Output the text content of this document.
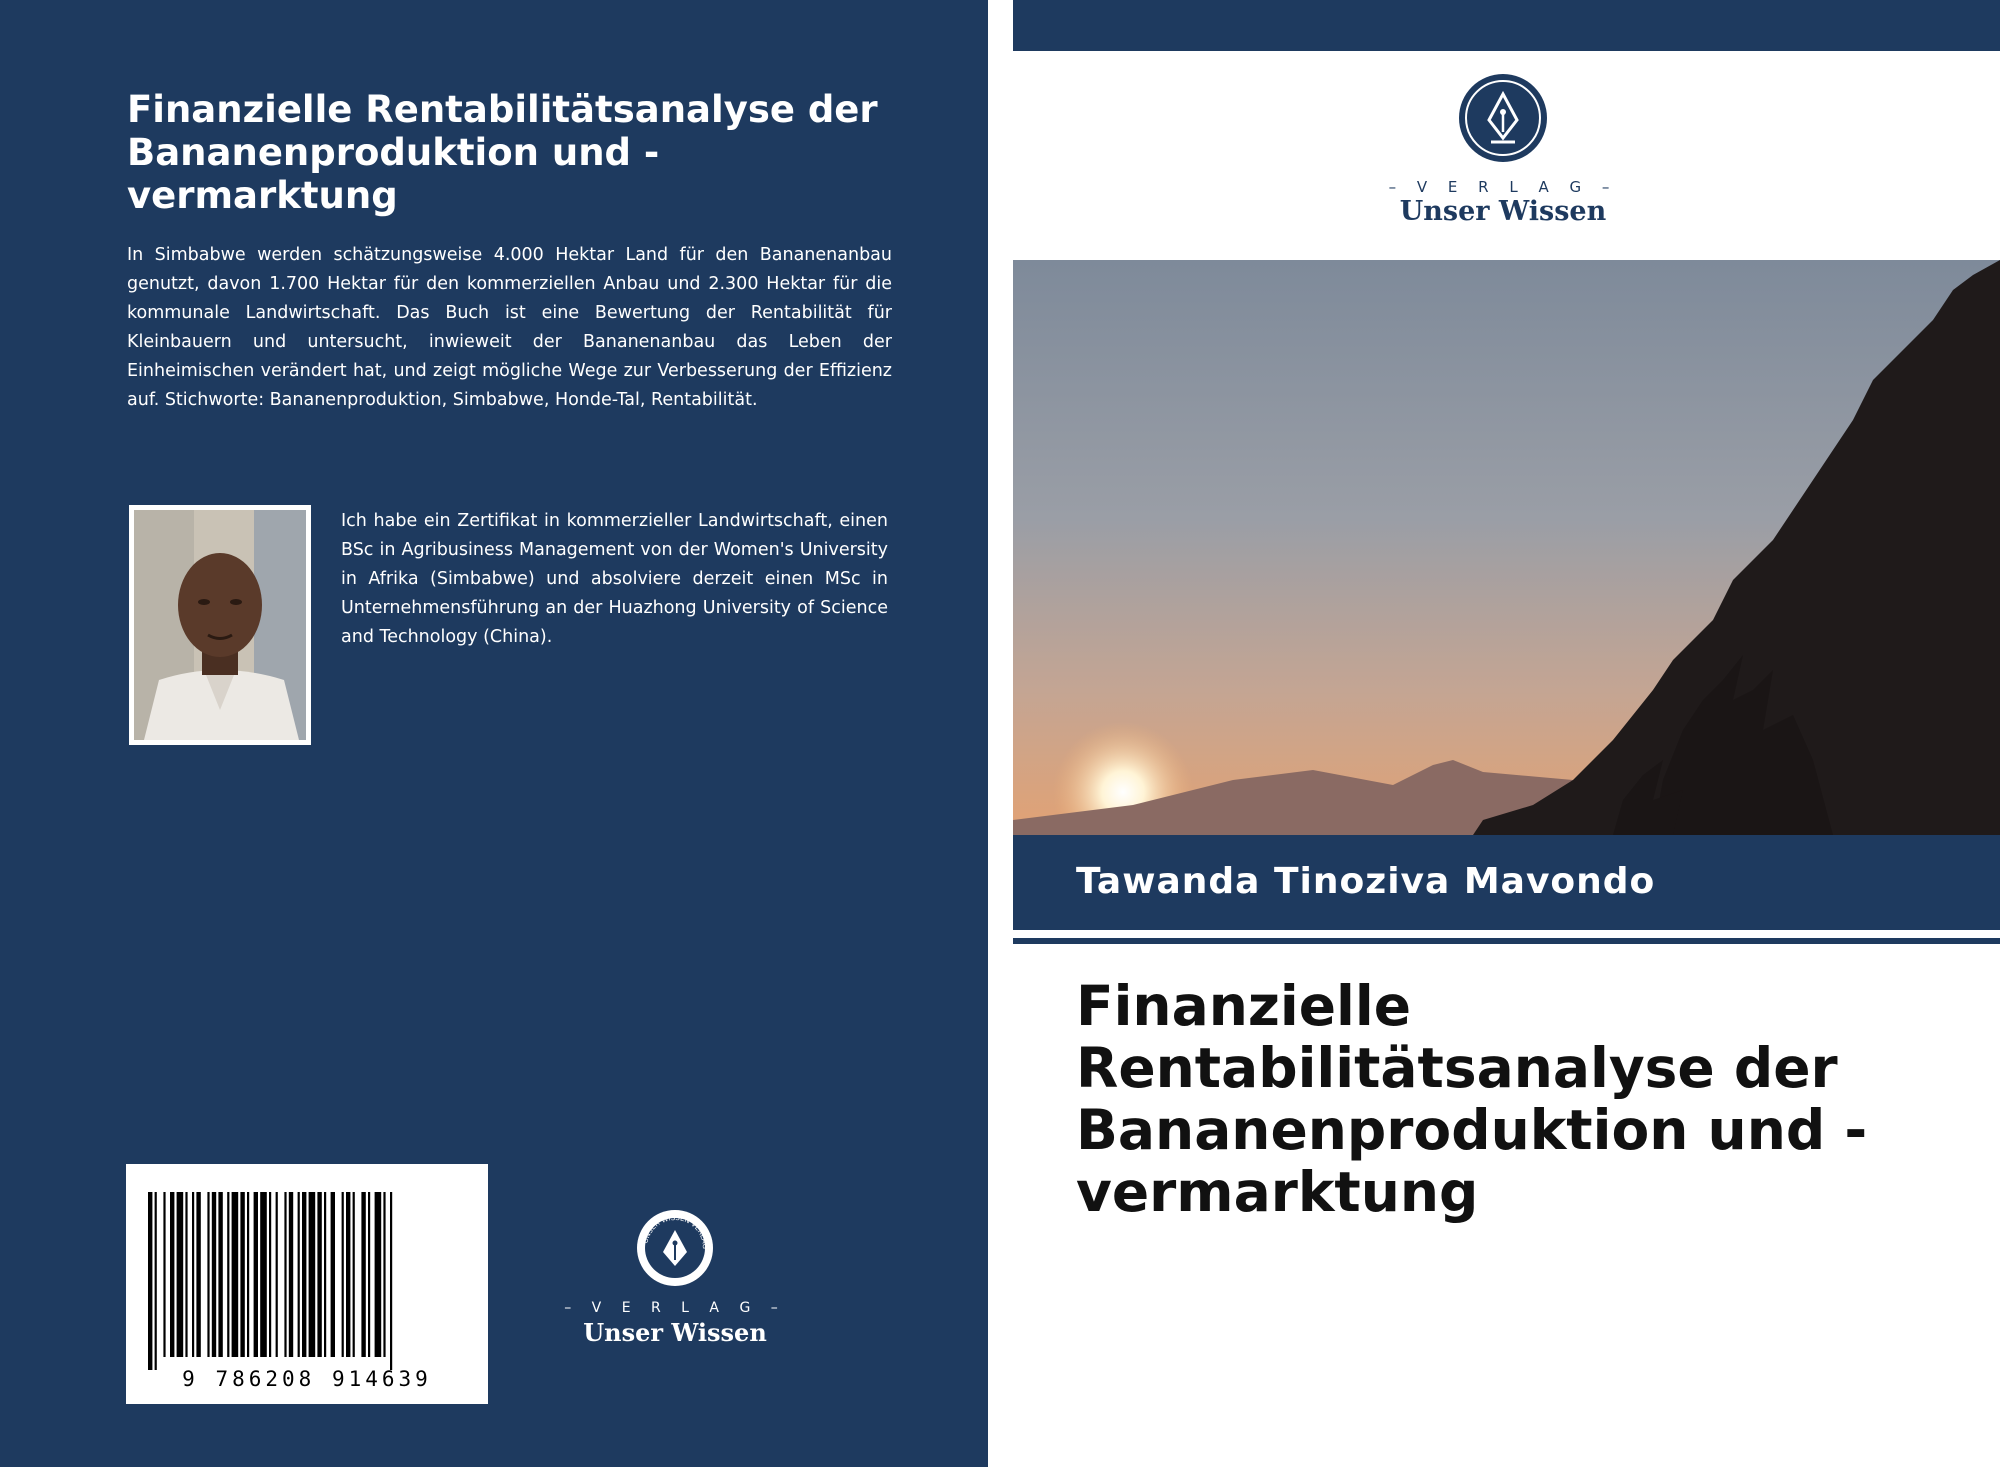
Finanzielle Rentabilitätsanalyse der Bananenproduktion und -vermarktung

In Simbabwe werden schätzungsweise 4.000 Hektar Land für den Bananenanbau genutzt, davon 1.700 Hektar für den kommerziellen Anbau und 2.300 Hektar für die kommunale Landwirtschaft. Das Buch ist eine Bewertung der Rentabilität für Kleinbauern und untersucht, inwieweit der Bananenanbau das Leben der Einheimischen verändert hat, und zeigt mögliche Wege zur Verbesserung der Effizienz auf. Stichworte: Bananenproduktion, Simbabwe, Honde-Tal, Rentabilität.

Ich habe ein Zertifikat in kommerzieller Landwirtschaft, einen BSc in Agribusiness Management von der Women's University in Afrika (Simbabwe) und absolviere derzeit einen MSc in Unternehmensführung an der Huazhong University of Science and Technology (China).

9 786208 914639
UNSER WISSEN VERLAG
– V E R L A G –
Unser Wissen
– V E R L A G –
Unser Wissen

Tawanda Tinoziva Mavondo

Finanzielle Rentabilitätsanalyse der Bananenproduktion und -vermarktung
